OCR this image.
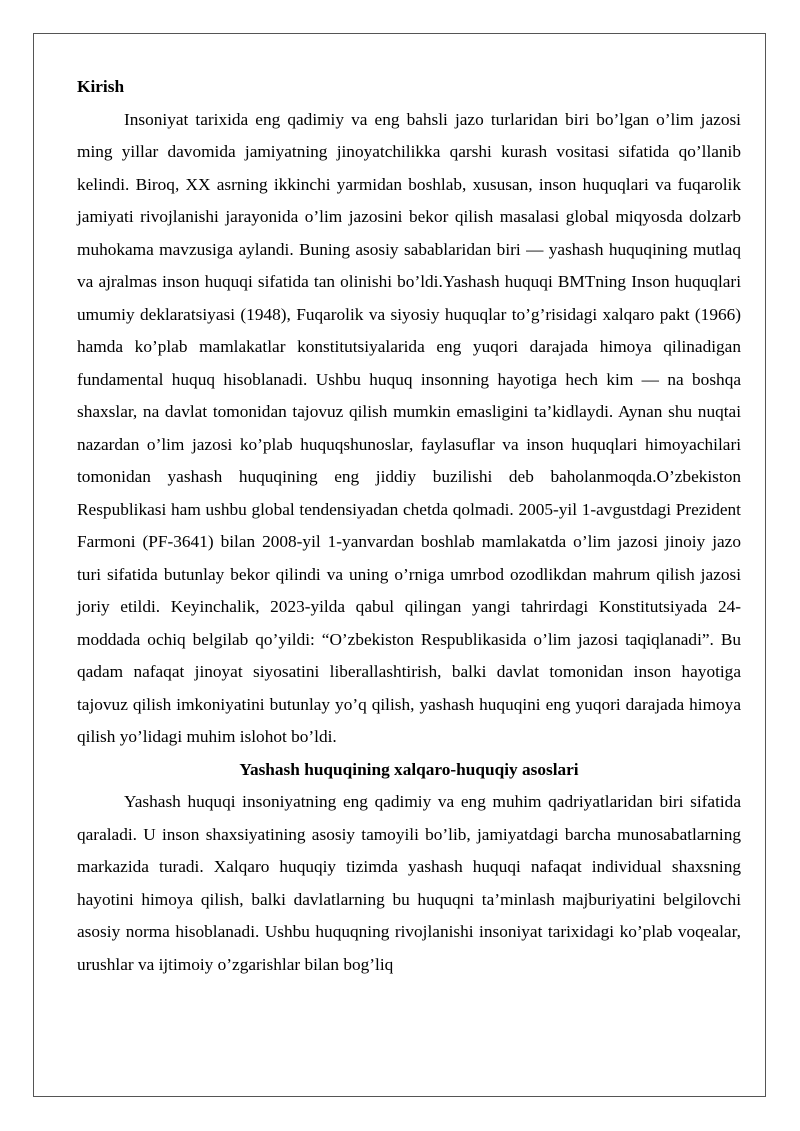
Kirish

Insoniyat tarixida eng qadimiy va eng bahsli jazo turlaridan biri bo’lgan o’lim jazosi ming yillar davomida jamiyatning jinoyatchilikka qarshi kurash vositasi sifatida qo’llanib kelindi. Biroq, XX asrning ikkinchi yarmidan boshlab, xususan, inson huquqlari va fuqarolik jamiyati rivojlanishi jarayonida o’lim jazosini bekor qilish masalasi global miqyosda dolzarb muhokama mavzusiga aylandi. Buning asosiy sabablaridan biri — yashash huquqining mutlaq va ajralmas inson huquqi sifatida tan olinishi bo’ldi.Yashash huquqi BMTning Inson huquqlari umumiy deklaratsiyasi (1948), Fuqarolik va siyosiy huquqlar to’g’risidagi xalqaro pakt (1966) hamda ko’plab mamlakatlar konstitutsiyalarida eng yuqori darajada himoya qilinadigan fundamental huquq hisoblanadi. Ushbu huquq insonning hayotiga hech kim — na boshqa shaxslar, na davlat tomonidan tajovuz qilish mumkin emasligini ta’kidlaydi. Aynan shu nuqtai nazardan o’lim jazosi ko’plab huquqshunoslar, faylasuflar va inson huquqlari himoyachilari tomonidan yashash huquqining eng jiddiy buzilishi deb baholanmoqda.O’zbekiston Respublikasi ham ushbu global tendensiyadan chetda qolmadi. 2005-yil 1-avgustdagi Prezident Farmoni (PF-3641) bilan 2008-yil 1-yanvardan boshlab mamlakatda o’lim jazosi jinoiy jazo turi sifatida butunlay bekor qilindi va uning o’rniga umrbod ozodlikdan mahrum qilish jazosi joriy etildi. Keyinchalik, 2023-yilda qabul qilingan yangi tahrirdagi Konstitutsiyada 24-moddada ochiq belgilab qo’yildi: “O’zbekiston Respublikasida o’lim jazosi taqiqlanadi”. Bu qadam nafaqat jinoyat siyosatini liberallashtirish, balki davlat tomonidan inson hayotiga tajovuz qilish imkoniyatini butunlay yo’q qilish, yashash huquqini eng yuqori darajada himoya qilish yo’lidagi muhim islohot bo’ldi.

Yashash huquqining xalqaro-huquqiy asoslari

Yashash huquqi insoniyatning eng qadimiy va eng muhim qadriyatlaridan biri sifatida qaraladi. U inson shaxsiyatining asosiy tamoyili bo’lib, jamiyatdagi barcha munosabatlarning markazida turadi. Xalqaro huquqiy tizimda yashash huquqi nafaqat individual shaxsning hayotini himoya qilish, balki davlatlarning bu huquqni ta’minlash majburiyatini belgilovchi asosiy norma hisoblanadi. Ushbu huquqning rivojlanishi insoniyat tarixidagi ko’plab voqealar, urushlar va ijtimoiy o’zgarishlar bilan bog’liq
